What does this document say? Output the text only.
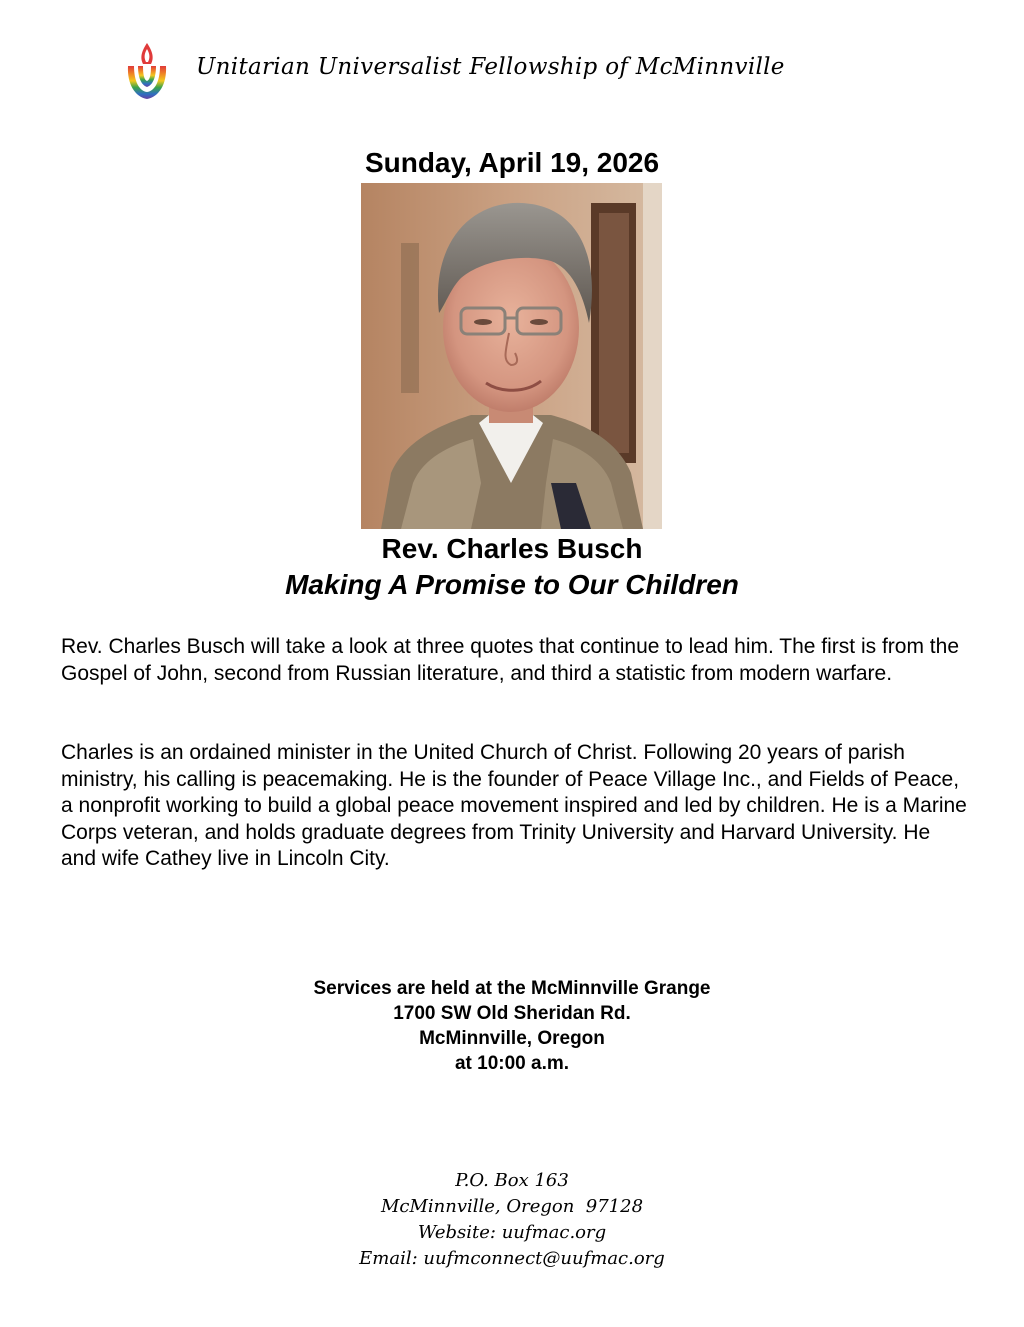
Unitarian Universalist Fellowship of McMinnville
Sunday, April 19, 2026
Rev. Charles Busch
Making A Promise to Our Children

Rev. Charles Busch will take a look at three quotes that continue to lead him. The first is from the Gospel of John, second from Russian literature, and third a statistic from modern warfare.

Charles is an ordained minister in the United Church of Christ. Following 20 years of parish ministry, his calling is peacemaking. He is the founder of Peace Village Inc., and Fields of Peace, a nonprofit working to build a global peace movement inspired and led by children. He is a Marine Corps veteran, and holds graduate degrees from Trinity University and Harvard University. He and wife Cathey live in Lincoln City.

Services are held at the McMinnville Grange
1700 SW Old Sheridan Rd.
McMinnville, Oregon
at 10:00 a.m.
P.O. Box 163
McMinnville, Oregon  97128
Website: uufmac.org
Email: uufmconnect@uufmac.org
